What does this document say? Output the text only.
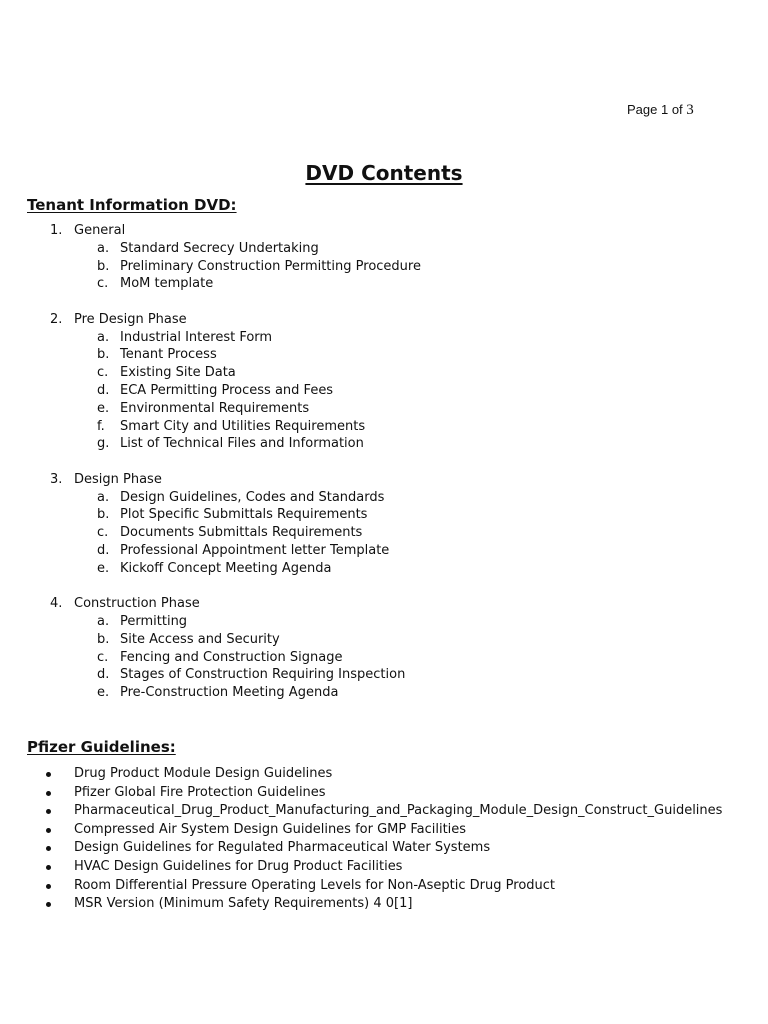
Page 1 of 3
DVD Contents
Tenant Information DVD:
1. General
a. Standard Secrecy Undertaking
b. Preliminary Construction Permitting Procedure
c. MoM template
2. Pre Design Phase
a. Industrial Interest Form
b. Tenant Process
c. Existing Site Data
d. ECA Permitting Process and Fees
e. Environmental Requirements
f. Smart City and Utilities Requirements
g. List of Technical Files and Information
3. Design Phase
a. Design Guidelines, Codes and Standards
b. Plot Specific Submittals Requirements
c. Documents Submittals Requirements
d. Professional Appointment letter Template
e. Kickoff Concept Meeting Agenda
4. Construction Phase
a. Permitting
b. Site Access and Security
c. Fencing and Construction Signage
d. Stages of Construction Requiring Inspection
e. Pre-Construction Meeting Agenda
Pfizer Guidelines:
Drug Product Module Design Guidelines
Pfizer Global Fire Protection Guidelines
Pharmaceutical_Drug_Product_Manufacturing_and_Packaging_Module_Design_Construct_Guidelines
Compressed Air System Design Guidelines for GMP Facilities
Design Guidelines for Regulated Pharmaceutical Water Systems
HVAC Design Guidelines for Drug Product Facilities
Room Differential Pressure Operating Levels for Non-Aseptic Drug Product
MSR Version (Minimum Safety Requirements) 4 0[1]
